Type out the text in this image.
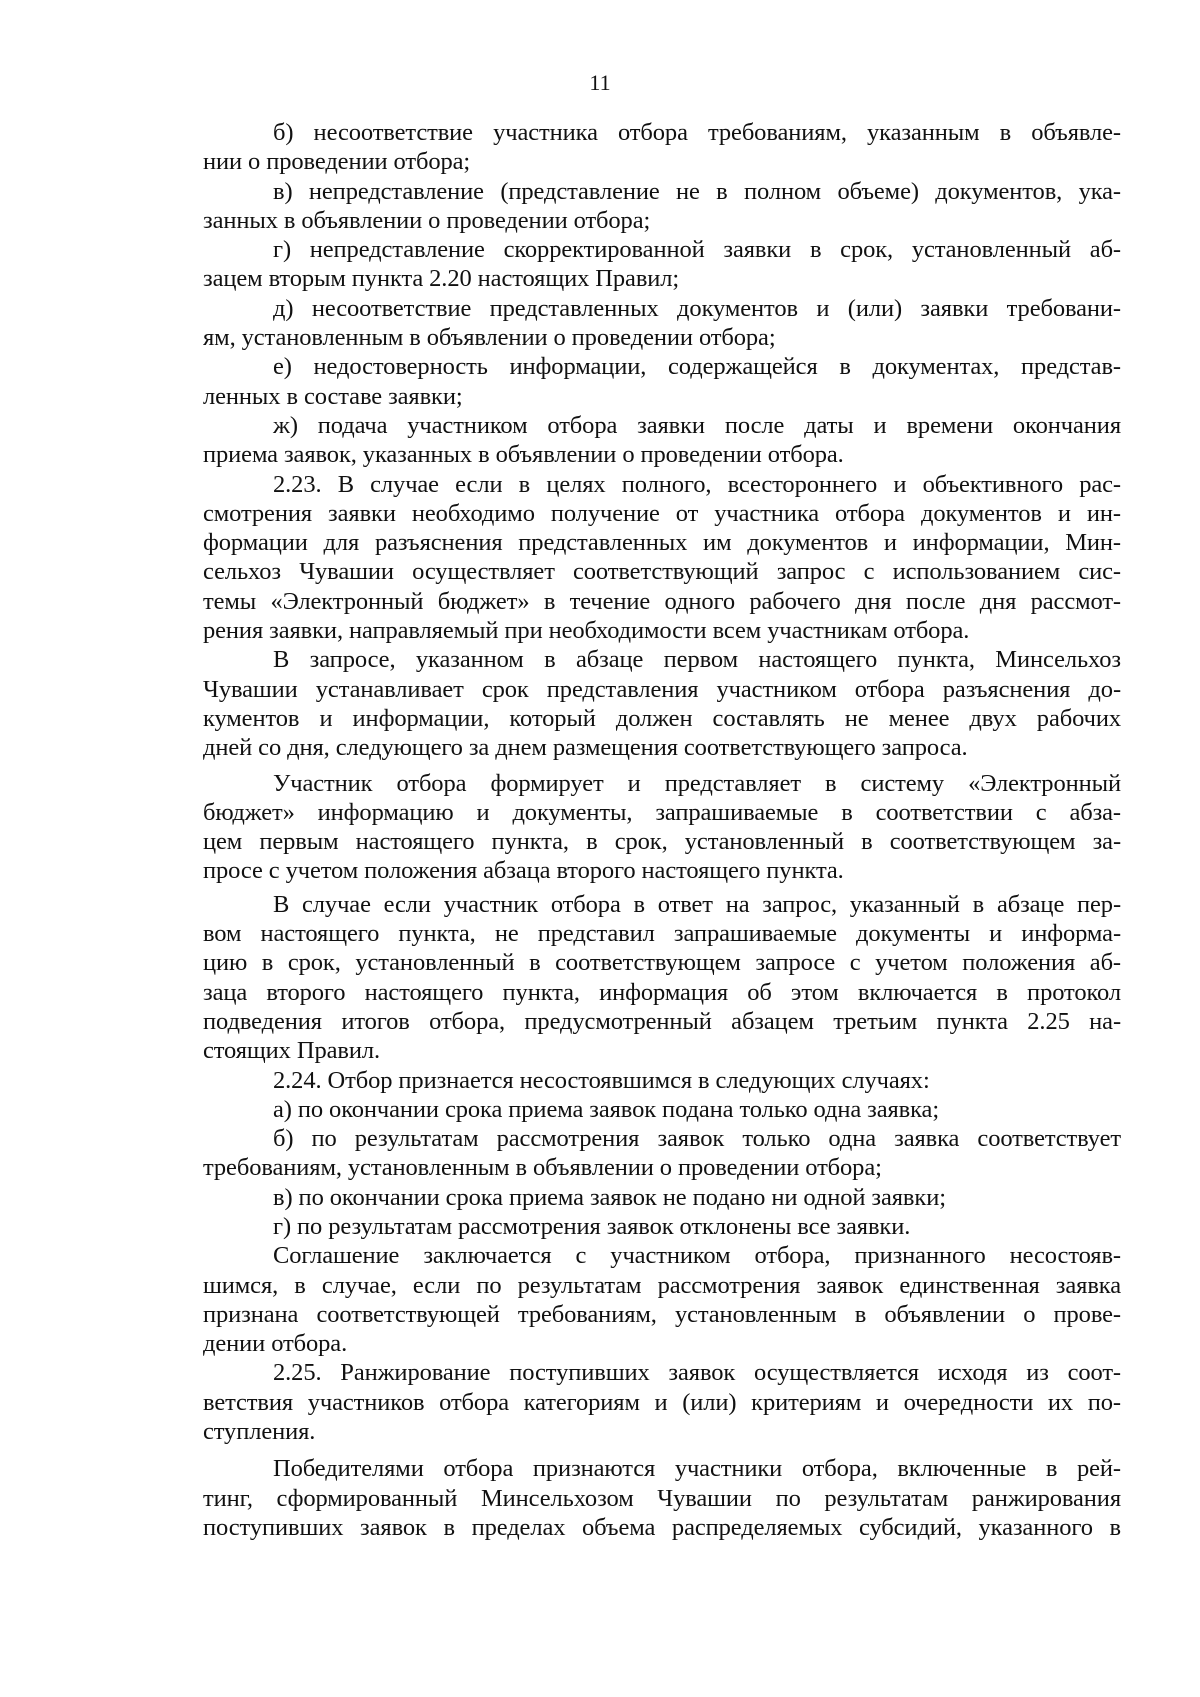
11
б) несоответствие участника отбора требованиям, указанным в объявле-
нии о проведении отбора;
в) непредставление (представление не в полном объеме) документов, ука-
занных в объявлении о проведении отбора;
г) непредставление скорректированной заявки в срок, установленный аб-
зацем вторым пункта 2.20 настоящих Правил;
д) несоответствие представленных документов и (или) заявки требовани-
ям, установленным в объявлении о проведении отбора;
е) недостоверность информации, содержащейся в документах, представ-
ленных в составе заявки;
ж) подача участником отбора заявки после даты и времени окончания
приема заявок, указанных в объявлении о проведении отбора.
2.23. В случае если в целях полного, всестороннего и объективного рас-
смотрения заявки необходимо получение от участника отбора документов и ин-
формации для разъяснения представленных им документов и информации, Мин-
сельхоз Чувашии осуществляет соответствующий запрос с использованием сис-
темы «Электронный бюджет» в течение одного рабочего дня после дня рассмот-
рения заявки, направляемый при необходимости всем участникам отбора.
В запросе, указанном в абзаце первом настоящего пункта, Минсельхоз
Чувашии устанавливает срок представления участником отбора разъяснения до-
кументов и информации, который должен составлять не менее двух рабочих
дней со дня, следующего за днем размещения соответствующего запроса.
Участник отбора формирует и представляет в систему «Электронный
бюджет» информацию и документы, запрашиваемые в соответствии с абза-
цем первым настоящего пункта, в срок, установленный в соответствующем за-
просе с учетом положения абзаца второго настоящего пункта.
В случае если участник отбора в ответ на запрос, указанный в абзаце пер-
вом настоящего пункта, не представил запрашиваемые документы и информа-
цию в срок, установленный в соответствующем запросе с учетом положения аб-
заца второго настоящего пункта, информация об этом включается в протокол
подведения итогов отбора, предусмотренный абзацем третьим пункта 2.25 на-
стоящих Правил.
2.24. Отбор признается несостоявшимся в следующих случаях:
а) по окончании срока приема заявок подана только одна заявка;
б) по результатам рассмотрения заявок только одна заявка соответствует
требованиям, установленным в объявлении о проведении отбора;
в) по окончании срока приема заявок не подано ни одной заявки;
г) по результатам рассмотрения заявок отклонены все заявки.
Соглашение заключается с участником отбора, признанного несостояв-
шимся, в случае, если по результатам рассмотрения заявок единственная заявка
признана соответствующей требованиям, установленным в объявлении о прове-
дении отбора.
2.25. Ранжирование поступивших заявок осуществляется исходя из соот-
ветствия участников отбора категориям и (или) критериям и очередности их по-
ступления.
Победителями отбора признаются участники отбора, включенные в рей-
тинг, сформированный Минсельхозом Чувашии по результатам ранжирования
поступивших заявок в пределах объема распределяемых субсидий, указанного в
